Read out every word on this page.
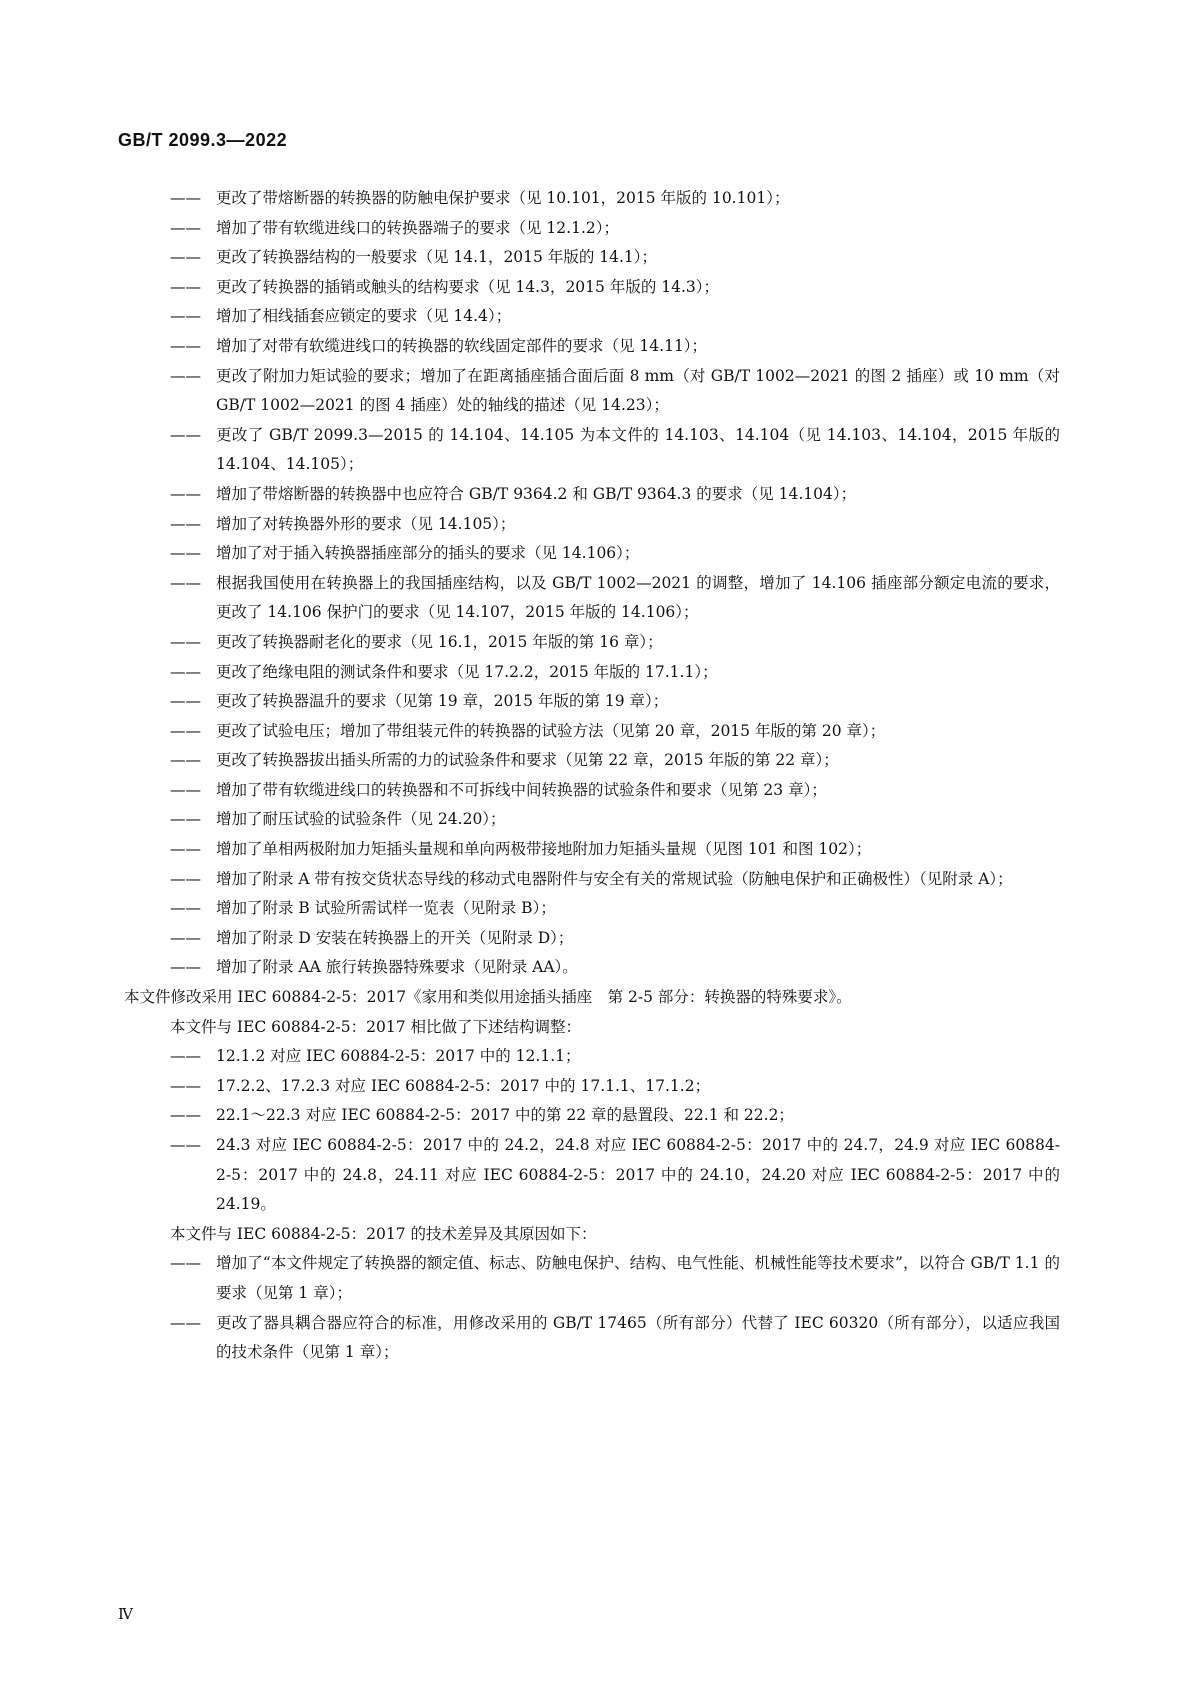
GB/T 2099.3—2022
—— 更改了带熔断器的转换器的防触电保护要求（见 10.101，2015 年版的 10.101）；
—— 增加了带有软缆进线口的转换器端子的要求（见 12.1.2）；
—— 更改了转换器结构的一般要求（见 14.1，2015 年版的 14.1）；
—— 更改了转换器的插销或触头的结构要求（见 14.3，2015 年版的 14.3）；
—— 增加了相线插套应锁定的要求（见 14.4）；
—— 增加了对带有软缆进线口的转换器的软线固定部件的要求（见 14.11）；
—— 更改了附加力矩试验的要求；增加了在距离插座插合面后面 8 mm（对 GB/T 1002—2021 的图 2 插座）或 10 mm（对 GB/T 1002—2021 的图 4 插座）处的轴线的描述（见 14.23）；
—— 更改了 GB/T 2099.3—2015 的 14.104、14.105 为本文件的 14.103、14.104（见 14.103、14.104，2015 年版的 14.104、14.105）；
—— 增加了带熔断器的转换器中也应符合 GB/T 9364.2 和 GB/T 9364.3 的要求（见 14.104）；
—— 增加了对转换器外形的要求（见 14.105）；
—— 增加了对于插入转换器插座部分的插头的要求（见 14.106）；
—— 根据我国使用在转换器上的我国插座结构，以及 GB/T 1002—2021 的调整，增加了 14.106 插座部分额定电流的要求，更改了 14.106 保护门的要求（见 14.107，2015 年版的 14.106）；
—— 更改了转换器耐老化的要求（见 16.1，2015 年版的第 16 章）；
—— 更改了绝缘电阻的测试条件和要求（见 17.2.2，2015 年版的 17.1.1）；
—— 更改了转换器温升的要求（见第 19 章，2015 年版的第 19 章）；
—— 更改了试验电压；增加了带组装元件的转换器的试验方法（见第 20 章，2015 年版的第 20 章）；
—— 更改了转换器拔出插头所需的力的试验条件和要求（见第 22 章，2015 年版的第 22 章）；
—— 增加了带有软缆进线口的转换器和不可拆线中间转换器的试验条件和要求（见第 23 章）；
—— 增加了耐压试验的试验条件（见 24.20）；
—— 增加了单相两极附加力矩插头量规和单向两极带接地附加力矩插头量规（见图 101 和图 102）；
—— 增加了附录 A 带有按交货状态导线的移动式电器附件与安全有关的常规试验（防触电保护和正确极性）（见附录 A）；
—— 增加了附录 B 试验所需试样一览表（见附录 B）；
—— 增加了附录 D 安装在转换器上的开关（见附录 D）；
—— 增加了附录 AA 旅行转换器特殊要求（见附录 AA）。
本文件修改采用 IEC 60884-2-5：2017《家用和类似用途插头插座　第 2-5 部分：转换器的特殊要求》。
本文件与 IEC 60884-2-5：2017 相比做了下述结构调整：
—— 12.1.2 对应 IEC 60884-2-5：2017 中的 12.1.1；
—— 17.2.2、17.2.3 对应 IEC 60884-2-5：2017 中的 17.1.1、17.1.2；
—— 22.1～22.3 对应 IEC 60884-2-5：2017 中的第 22 章的悬置段、22.1 和 22.2；
—— 24.3 对应 IEC 60884-2-5：2017 中的 24.2，24.8 对应 IEC 60884-2-5：2017 中的 24.7，24.9 对应 IEC 60884-2-5：2017 中的 24.8，24.11 对应 IEC 60884-2-5：2017 中的 24.10，24.20 对应 IEC 60884-2-5：2017 中的 24.19。
本文件与 IEC 60884-2-5：2017 的技术差异及其原因如下：
—— 增加了“本文件规定了转换器的额定值、标志、防触电保护、结构、电气性能、机械性能等技术要求”，以符合 GB/T 1.1 的要求（见第 1 章）；
—— 更改了器具耦合器应符合的标准，用修改采用的 GB/T 17465（所有部分）代替了 IEC 60320（所有部分），以适应我国的技术条件（见第 1 章）；
Ⅳ
